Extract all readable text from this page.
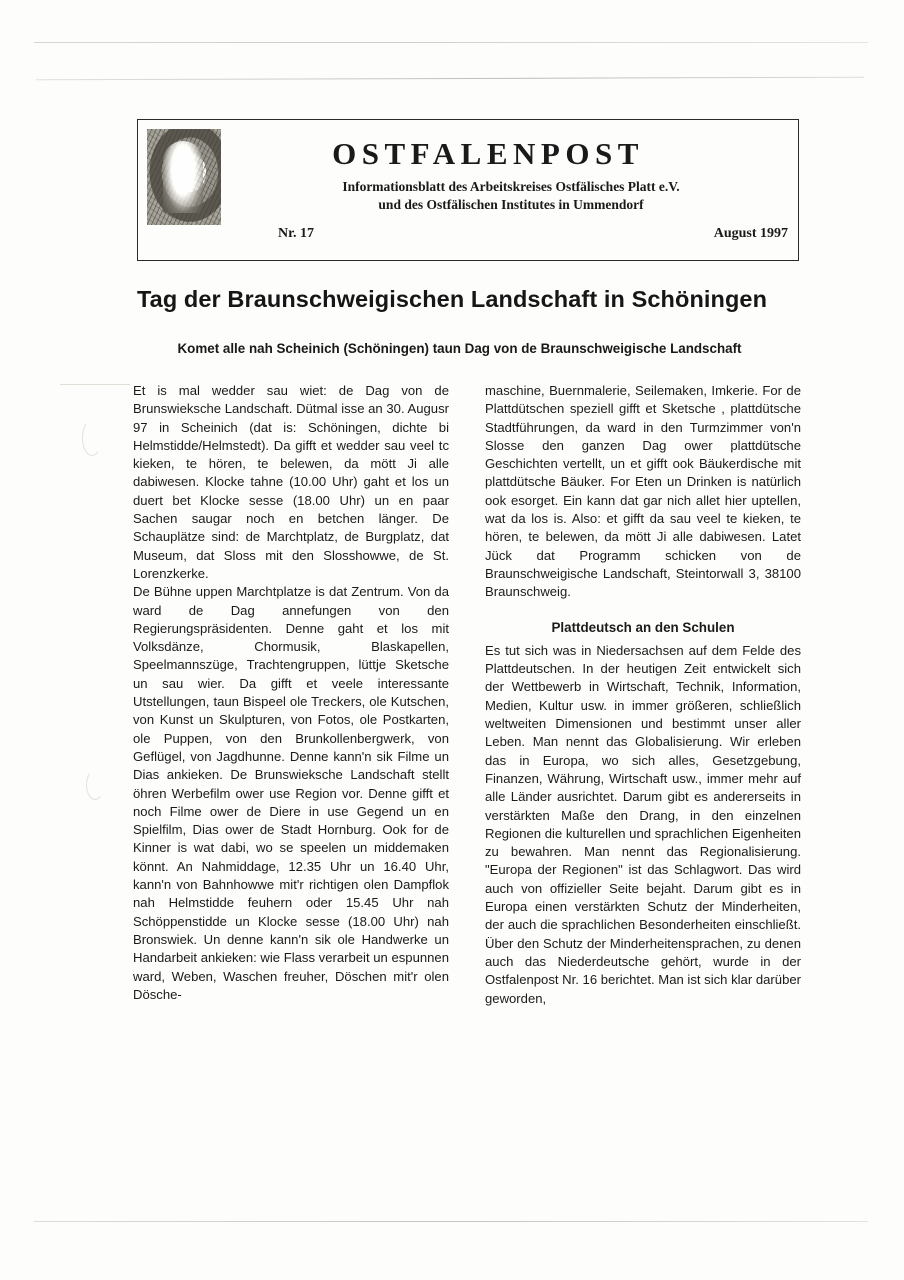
OSTFALENPOST
Informationsblatt des Arbeitskreises Ostfälisches Platt e.V.
und des Ostfälischen Institutes in Ummendorf
Nr. 17	August 1997
Tag der Braunschweigischen Landschaft in Schöningen
Komet alle nah Scheinich (Schöningen) taun Dag von de Braunschweigische Landschaft

Et is mal wedder sau wiet: de Dag von de Brunswieksche Landschaft. Dütmal isse an 30. Augusr 97 in Scheinich (dat is: Schöningen, dichte bi Helmstidde/Helmstedt). Da gifft et wedder sau veel tc kieken, te hören, te belewen, da mött Ji alle dabiwesen. Klocke tahne (10.00 Uhr) gaht et los un duert bet Klocke sesse (18.00 Uhr) un en paar Sachen saugar noch en betchen länger. De Schauplätze sind: de Marchtplatz, de Burgplatz, dat Museum, dat Sloss mit den Slosshowwe, de St. Lorenzkerke.

De Bühne uppen Marchtplatze is dat Zentrum. Von da ward de Dag annefungen von den Regierungspräsidenten. Denne gaht et los mit Volksdänze, Chormusik, Blaskapellen, Speelmannszüge, Trachtengruppen, lüttje Sketsche un sau wier. Da gifft et veele interessante Utstellungen, taun Bispeel ole Treckers, ole Kutschen, von Kunst un Skulpturen, von Fotos, ole Postkarten, ole Puppen, von den Brunkollenbergwerk, von Geflügel, von Jagdhunne. Denne kann'n sik Filme un Dias ankieken. De Brunswieksche Landschaft stellt öhren Werbefilm ower use Region vor. Denne gifft et noch Filme ower de Diere in use Gegend un en Spielfilm, Dias ower de Stadt Hornburg. Ook for de Kinner is wat dabi, wo se speelen un middemaken könnt. An Nahmiddage, 12.35 Uhr un 16.40 Uhr, kann'n von Bahnhowwe mit'r richtigen olen Dampflok nah Helmstidde feuhern oder 15.45 Uhr nah Schöppenstidde un Klocke sesse (18.00 Uhr) nah Bronswiek. Un denne kann'n sik ole Handwerke un Handarbeit ankieken: wie Flass verarbeit un espunnen ward, Weben, Waschen freuher, Döschen mit'r olen Dösche-

maschine, Buernmalerie, Seilemaken, Imkerie. For de Plattdütschen speziell gifft et Sketsche , plattdütsche Stadtführungen, da ward in den Turmzimmer von'n Slosse den ganzen Dag ower plattdütsche Geschichten vertellt, un et gifft ook Bäukerdische mit plattdütsche Bäuker. For Eten un Drinken is natürlich ook esorget. Ein kann dat gar nich allet hier uptellen, wat da los is. Also: et gifft da sau veel te kieken, te hören, te belewen, da mött Ji alle dabiwesen. Latet Jück dat Programm schicken von de Braunschweigische Landschaft, Steintorwall 3, 38100 Braunschweig.

Plattdeutsch an den Schulen

Es tut sich was in Niedersachsen auf dem Felde des Plattdeutschen. In der heutigen Zeit entwickelt sich der Wettbewerb in Wirtschaft, Technik, Information, Medien, Kultur usw. in immer größeren, schließlich weltweiten Dimensionen und bestimmt unser aller Leben. Man nennt das Globalisierung. Wir erleben das in Europa, wo sich alles, Gesetzgebung, Finanzen, Währung, Wirtschaft usw., immer mehr auf alle Länder ausrichtet. Darum gibt es andererseits in verstärkten Maße den Drang, in den einzelnen Regionen die kulturellen und sprachlichen Eigenheiten zu bewahren. Man nennt das Regionalisierung. "Europa der Regionen" ist das Schlagwort. Das wird auch von offizieller Seite bejaht. Darum gibt es in Europa einen verstärkten Schutz der Minderheiten, der auch die sprachlichen Besonderheiten einschließt. Über den Schutz der Minderheitensprachen, zu denen auch das Niederdeutsche gehört, wurde in der Ostfalenpost Nr. 16 berichtet. Man ist sich klar darüber geworden,
